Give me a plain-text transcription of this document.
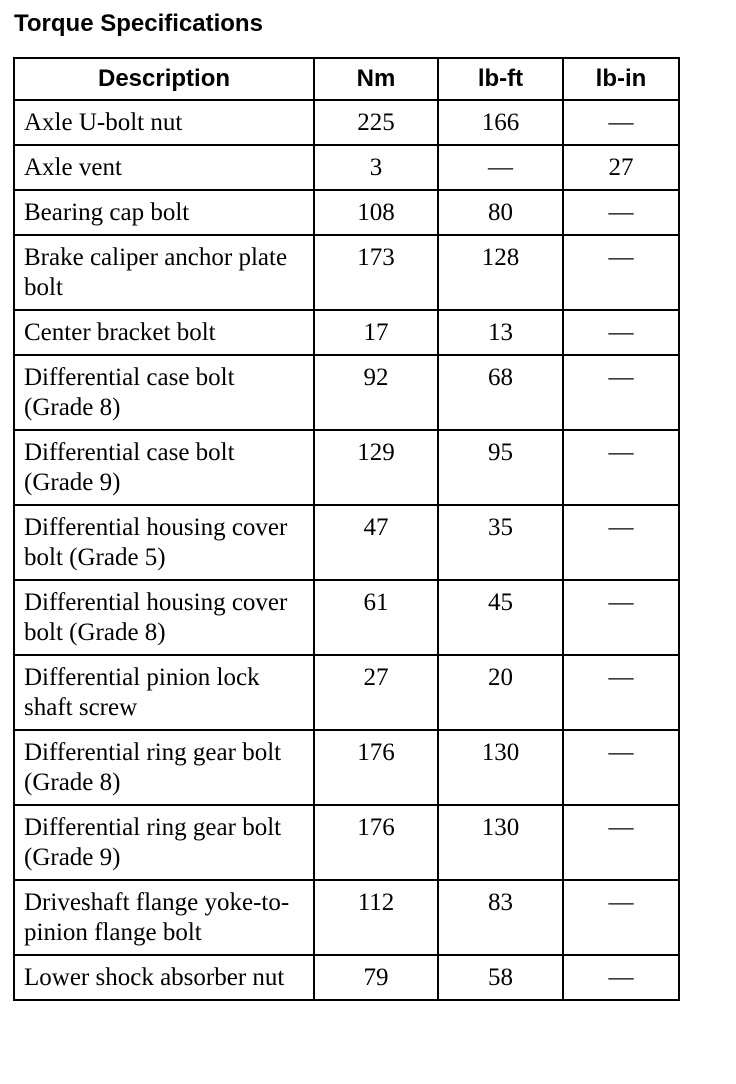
Torque Specifications
Description	Nm	lb-ft	lb-in
Axle U-bolt nut	225	166	—
Axle vent	3	—	27
Bearing cap bolt	108	80	—
Brake caliper anchor plate bolt	173	128	—
Center bracket bolt	17	13	—
Differential case bolt (Grade 8)	92	68	—
Differential case bolt (Grade 9)	129	95	—
Differential housing cover bolt (Grade 5)	47	35	—
Differential housing cover bolt (Grade 8)	61	45	—
Differential pinion lock shaft screw	27	20	—
Differential ring gear bolt (Grade 8)	176	130	—
Differential ring gear bolt (Grade 9)	176	130	—
Driveshaft flange yoke-to-pinion flange bolt	112	83	—
Lower shock absorber nut	79	58	—
